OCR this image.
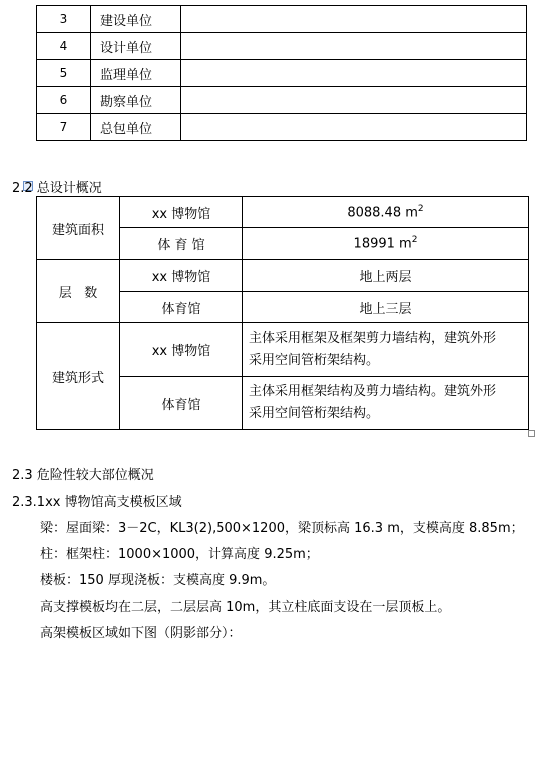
3	建设单位	
4	设计单位	
5	监理单位	
6	勘察单位	
7	总包单位	
2.2 总设计概况
建筑面积	xx 博物馆	8088.48 $m^2$
	体 育 馆	18991 $m^2$
层   数	xx 博物馆	地上两层
	体育馆	地上三层
建筑形式	xx 博物馆	主体采用框架及框架剪力墙结构，建筑外形
采用空间管桁架结构。

	体育馆	主体采用框架结构及剪力墙结构。建筑外形
采用空间管桁架结构。
2.3 危险性较大部位概况
2.3.1xx 博物馆高支模板区域
梁：屋面梁：3－2C，KL3(2),500×1200，梁顶标高 16.3 m，支模高度 8.85m；
柱：框架柱：1000×1000，计算高度 9.25m；
楼板：150 厚现浇板：支模高度 9.9m。
高支撑模板均在二层，二层层高 10m，其立柱底面支设在一层顶板上。
高架模板区域如下图（阴影部分）：
